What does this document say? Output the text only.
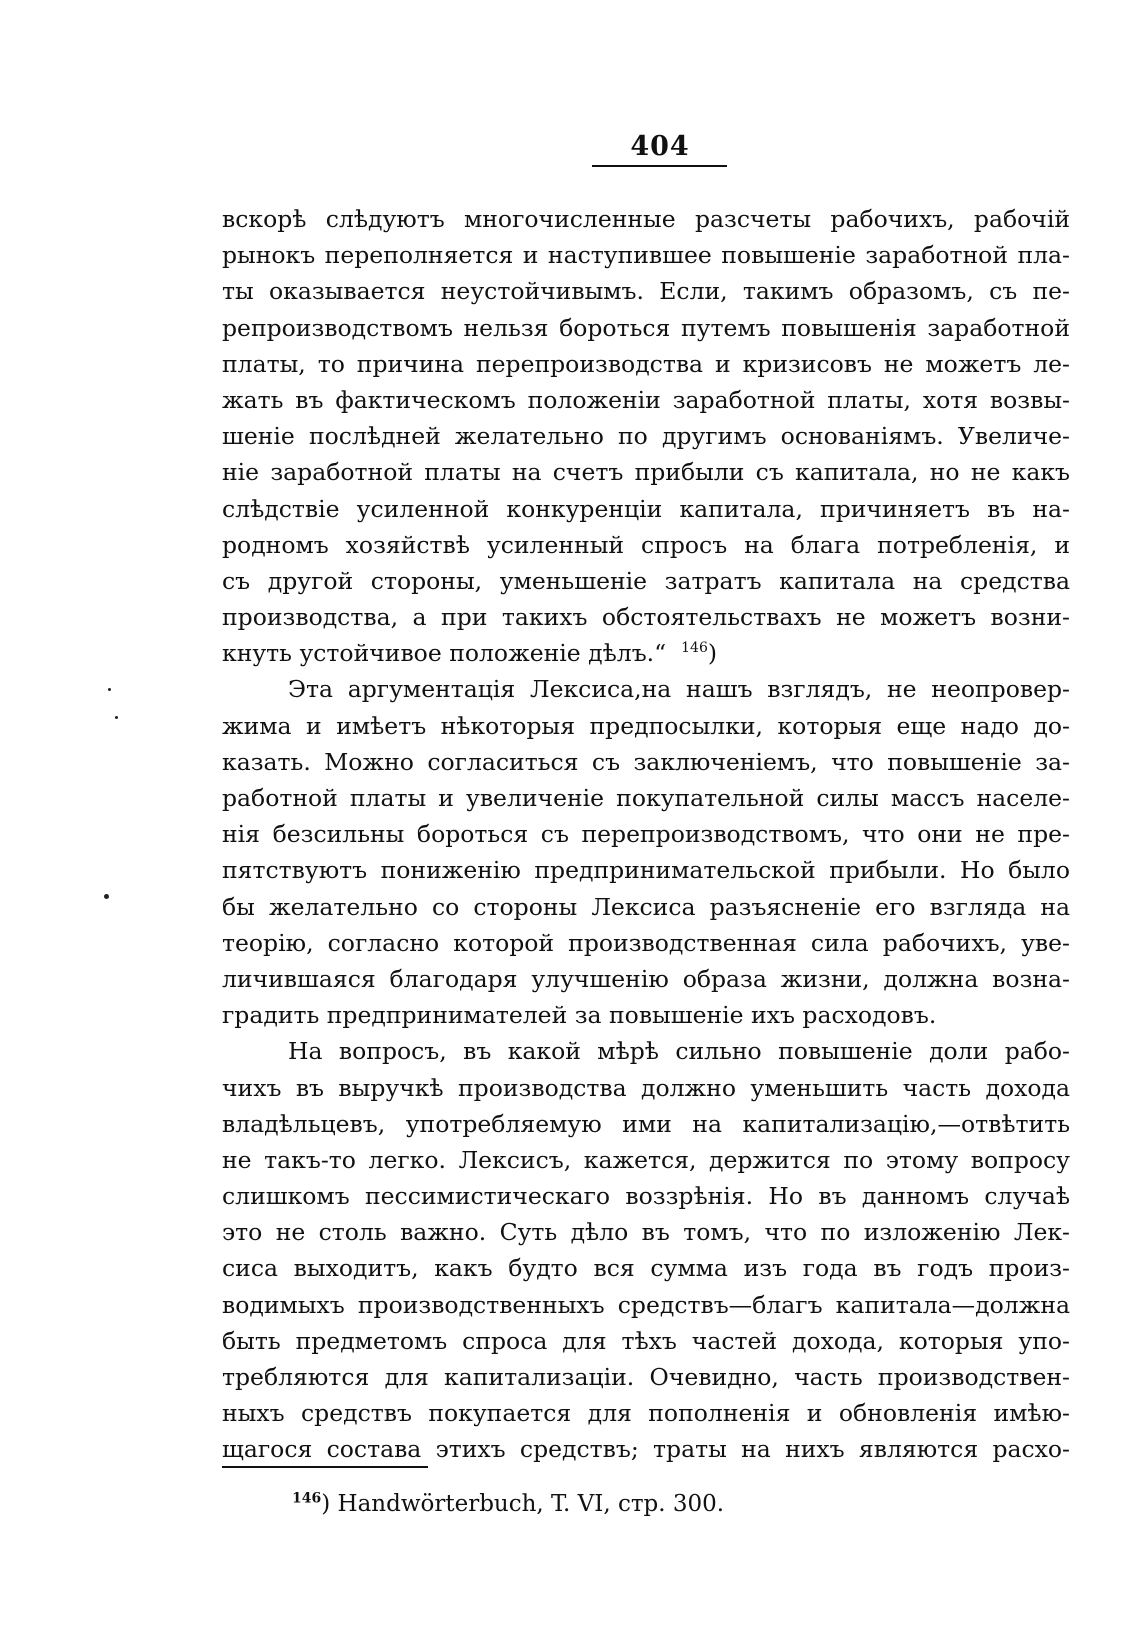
404
вскорѣ слѣдуютъ многочисленные разсчеты рабочихъ, рабочій
рынокъ переполняется и наступившее повышеніе заработной пла-
ты оказывается неустойчивымъ. Если, такимъ образомъ, съ пе-
репроизводствомъ нельзя бороться путемъ повышенія заработной
платы, то причина перепроизводства и кризисовъ не можетъ ле-
жать въ фактическомъ положеніи заработной платы, хотя возвы-
шеніе послѣдней желательно по другимъ основаніямъ. Увеличе-
ніе заработной платы на счетъ прибыли съ капитала, но не какъ
слѣдствіе усиленной конкуренціи капитала, причиняетъ въ на-
родномъ хозяйствѣ усиленный спросъ на блага потребленія, и
съ другой стороны, уменьшеніе затратъ капитала на средства
производства, а при такихъ обстоятельствахъ не можетъ возни-
кнуть устойчивое положеніе дѣлъ.“ $^{146}$)
Эта аргументація Лексиса,на нашъ взглядъ, не неопровер-
жима и имѣетъ нѣкоторыя предпосылки, которыя еще надо до-
казать. Можно согласиться съ заключеніемъ, что повышеніе за-
работной платы и увеличеніе покупательной силы массъ населе-
нія безсильны бороться съ перепроизводствомъ, что они не пре-
пятствуютъ пониженію предпринимательской прибыли. Но было
бы желательно со стороны Лексиса разъясненіе его взгляда на
теорію, согласно которой производственная сила рабочихъ, уве-
личившаяся благодаря улучшенію образа жизни, должна возна-
градить предпринимателей за повышеніе ихъ расходовъ.
На вопросъ, въ какой мѣрѣ сильно повышеніе доли рабо-
чихъ въ выручкѣ производства должно уменьшить часть дохода
владѣльцевъ, употребляемую ими на капитализацію,—отвѣтить
не такъ-то легко. Лексисъ, кажется, держится по этому вопросу
слишкомъ пессимистическаго воззрѣнія. Но въ данномъ случаѣ
это не столь важно. Суть дѣло въ томъ, что по изложенію Лек-
сиса выходитъ, какъ будто вся сумма изъ года въ годъ произ-
водимыхъ производственныхъ средствъ—благъ капитала—должна
быть предметомъ спроса для тѣхъ частей дохода, которыя упо-
требляются для капитализаціи. Очевидно, часть производствен-
ныхъ средствъ покупается для пополненія и обновленія имѣю-
щагося состава этихъ средствъ; траты на нихъ являются расхо-
$^{146}$) Handwörterbuch, T. VI, стр. 300.
